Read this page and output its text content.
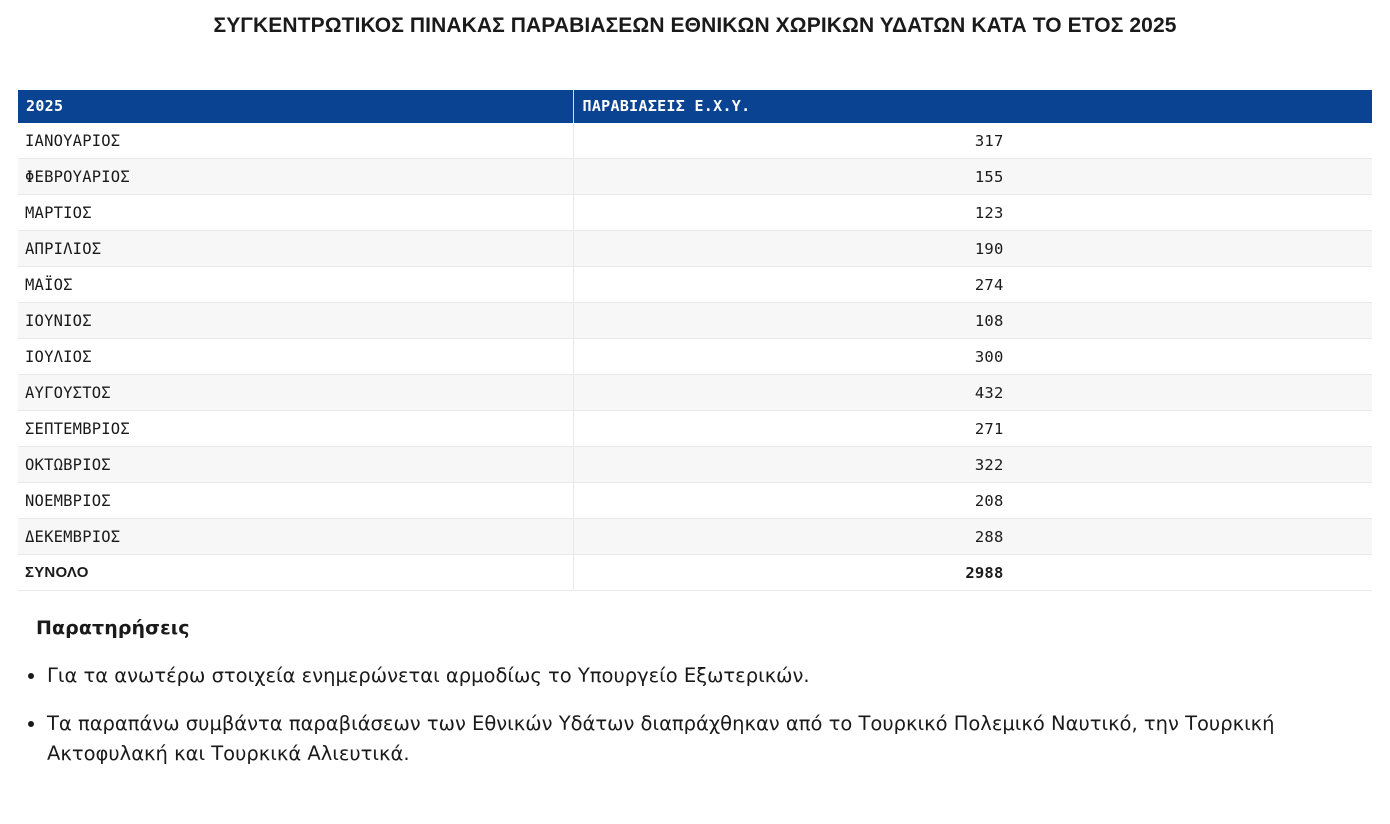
ΣΥΓΚΕΝΤΡΩΤΙΚΟΣ ΠΙΝΑΚΑΣ ΠΑΡΑΒΙΑΣΕΩΝ ΕΘΝΙΚΩΝ ΧΩΡΙΚΩΝ ΥΔΑΤΩΝ ΚΑΤΑ ΤΟ ΕΤΟΣ 2025
2025	ΠΑΡΑΒΙΑΣΕΙΣ Ε.Χ.Υ.
ΙΑΝΟΥΑΡΙΟΣ	317
ΦΕΒΡΟΥΑΡΙΟΣ	155
ΜΑΡΤΙΟΣ	123
ΑΠΡΙΛΙΟΣ	190
ΜΑΪΟΣ	274
ΙΟΥΝΙΟΣ	108
ΙΟΥΛΙΟΣ	300
ΑΥΓΟΥΣΤΟΣ	432
ΣΕΠΤΕΜΒΡΙΟΣ	271
ΟΚΤΩΒΡΙΟΣ	322
ΝΟΕΜΒΡΙΟΣ	208
ΔΕΚΕΜΒΡΙΟΣ	288
ΣΥΝΟΛΟ	2988
Παρατηρήσεις
Για τα ανωτέρω στοιχεία ενημερώνεται αρμοδίως το Υπουργείο Εξωτερικών.
Τα παραπάνω συμβάντα παραβιάσεων των Εθνικών Υδάτων διαπράχθηκαν από το Τουρκικό Πολεμικό Ναυτικό, την Τουρκική Ακτοφυλακή και Τουρκικά Αλιευτικά.
